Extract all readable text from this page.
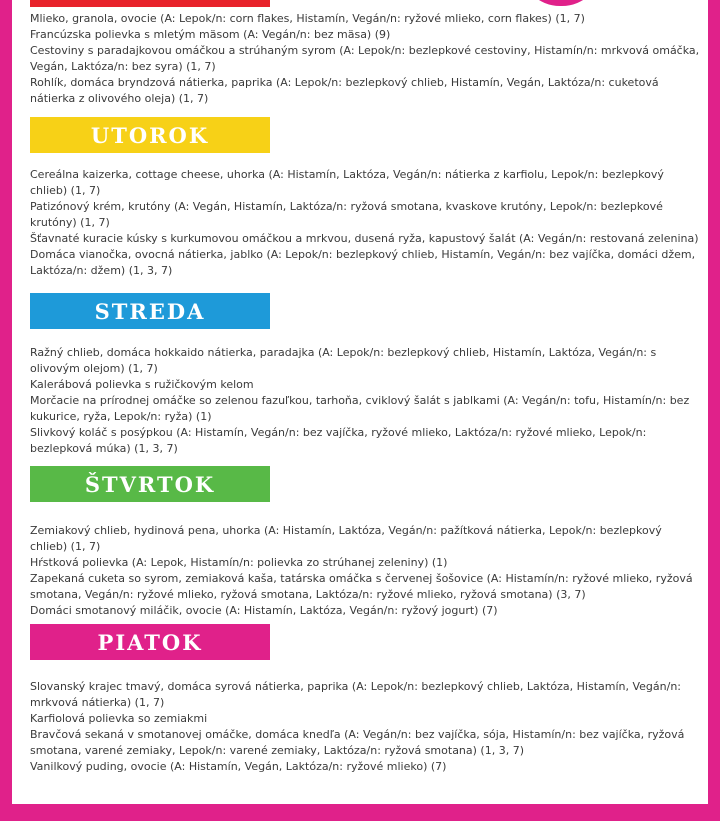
Mlieko, granola, ovocie (A: Lepok/n: corn flakes, Histamín, Vegán/n: ryžové mlieko, corn flakes) (1, 7)

Francúzska polievka s mletým mäsom (A: Vegán/n: bez mäsa) (9)

Cestoviny s paradajkovou omáčkou a strúhaným syrom (A: Lepok/n: bezlepkové cestoviny, Histamín/n: mrkvová omáčka, Vegán, Laktóza/n: bez syra) (1, 7)

Rohlík, domáca bryndzová nátierka, paprika (A: Lepok/n: bezlepkový chlieb, Histamín, Vegán, Laktóza/n: cuketová nátierka z olivového oleja) (1, 7)

UTOROK

Cereálna kaizerka, cottage cheese, uhorka (A: Histamín, Laktóza, Vegán/n: nátierka z karfiolu, Lepok/n: bezlepkový chlieb) (1, 7)

Patizónový krém, krutóny (A: Vegán, Histamín, Laktóza/n: ryžová smotana, kvaskove krutóny, Lepok/n: bezlepkové krutóny) (1, 7)

Šťavnaté kuracie kúsky s kurkumovou omáčkou a mrkvou, dusená ryža, kapustový šalát (A: Vegán/n: restovaná zelenina)

Domáca vianočka, ovocná nátierka, jablko (A: Lepok/n: bezlepkový chlieb, Histamín, Vegán/n: bez vajíčka, domáci džem, Laktóza/n: džem) (1, 3, 7)

STREDA

Ražný chlieb, domáca hokkaido nátierka, paradajka (A: Lepok/n: bezlepkový chlieb, Histamín, Laktóza, Vegán/n: s olivovým olejom) (1, 7)

Kalerábová polievka s ružičkovým kelom

Morčacie na prírodnej omáčke so zelenou fazuľkou, tarhoňa, cviklový šalát s jablkami (A: Vegán/n: tofu, Histamín/n: bez kukurice, ryža, Lepok/n: ryža) (1)

Slivkový koláč s posýpkou (A: Histamín, Vegán/n: bez vajíčka, ryžové mlieko, Laktóza/n: ryžové mlieko, Lepok/n: bezlepková múka) (1, 3, 7)

ŠTVRTOK

Zemiakový chlieb, hydinová pena, uhorka (A: Histamín, Laktóza, Vegán/n: pažítková nátierka, Lepok/n: bezlepkový chlieb) (1, 7)

Hŕstková polievka (A: Lepok, Histamín/n: polievka zo strúhanej zeleniny) (1)

Zapekaná cuketa so syrom, zemiaková kaša, tatárska omáčka s červenej šošovice (A: Histamín/n: ryžové mlieko, ryžová smotana, Vegán/n: ryžové mlieko, ryžová smotana, Laktóza/n: ryžové mlieko, ryžová smotana) (3, 7)

Domáci smotanový miláčik, ovocie (A: Histamín, Laktóza, Vegán/n: ryžový jogurt) (7)

PIATOK

Slovanský krajec tmavý, domáca syrová nátierka, paprika (A: Lepok/n: bezlepkový chlieb, Laktóza, Histamín, Vegán/n: mrkvová nátierka) (1, 7)

Karfiolová polievka so zemiakmi

Bravčová sekaná v smotanovej omáčke, domáca knedľa (A: Vegán/n: bez vajíčka, sója, Histamín/n: bez vajíčka, ryžová smotana, varené zemiaky, Lepok/n: varené zemiaky, Laktóza/n: ryžová smotana) (1, 3, 7)

Vanilkový puding, ovocie (A: Histamín, Vegán, Laktóza/n: ryžové mlieko) (7)
